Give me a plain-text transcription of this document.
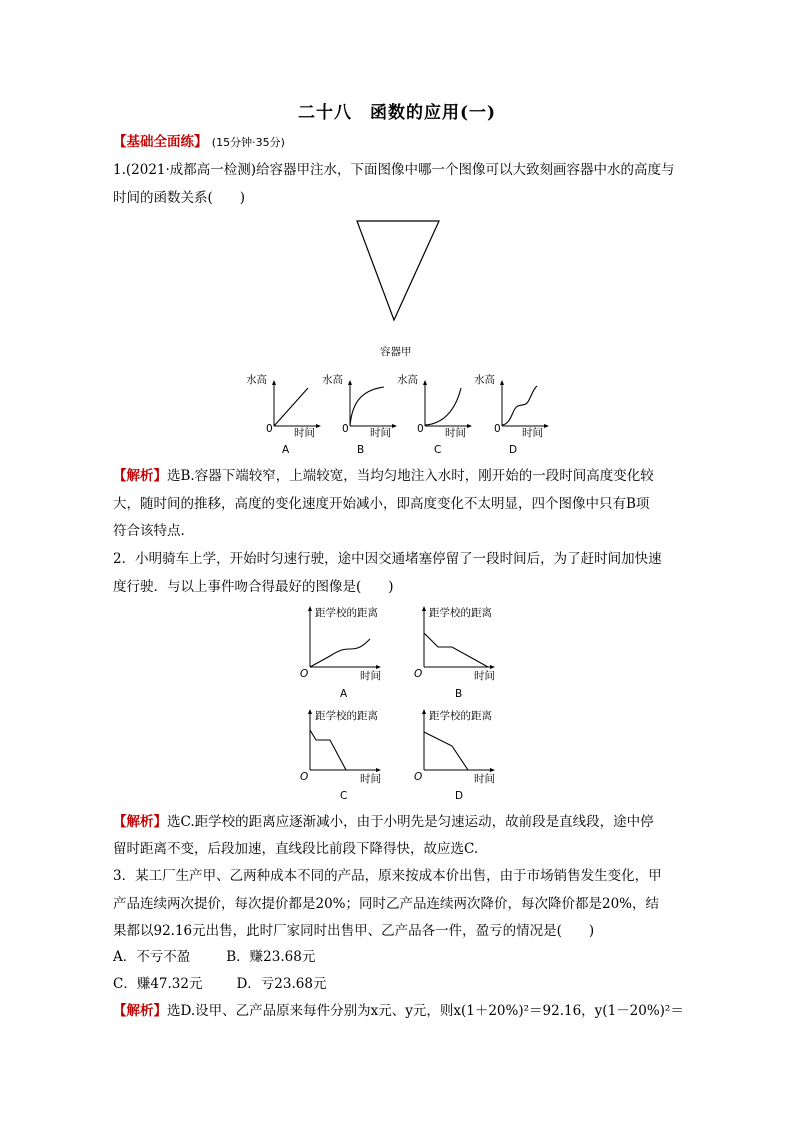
二十八　函数的应用(一)
【基础全面练】 (15分钟·35分)
1.(2021·成都高一检测)给容器甲注水，下面图像中哪一个图像可以大致刻画容器中水的高度与
时间的函数关系(　　)
容器甲
水高
0 时间
A
水高
0 时间
B
水高
0 时间
C
水高
0 时间
D
【解析】选B.容器下端较窄，上端较宽，当均匀地注入水时，刚开始的一段时间高度变化较
大，随时间的推移，高度的变化速度开始减小，即高度变化不太明显，四个图像中只有B项
符合该特点.
2．小明骑车上学，开始时匀速行驶，途中因交通堵塞停留了一段时间后，为了赶时间加快速
度行驶．与以上事件吻合得最好的图像是(　　)
距学校的距离
O	时间
A
距学校的距离
O	时间
B
距学校的距离
O	时间
C
距学校的距离
O	时间
D
【解析】选C.距学校的距离应逐渐减小，由于小明先是匀速运动，故前段是直线段，途中停
留时距离不变，后段加速，直线段比前段下降得快，故应选C.
3．某工厂生产甲、乙两种成本不同的产品，原来按成本价出售，由于市场销售发生变化，甲
产品连续两次提价，每次提价都是20%；同时乙产品连续两次降价，每次降价都是20%，结
果都以92.16元出售，此时厂家同时出售甲、乙产品各一件，盈亏的情况是(　　)
A．不亏不盈	B．赚23.68元
C．赚47.32元	D．亏23.68元
【解析】选D.设甲、乙产品原来每件分别为x元、y元，则x(1＋20%)²＝92.16，y(1－20%)²＝
